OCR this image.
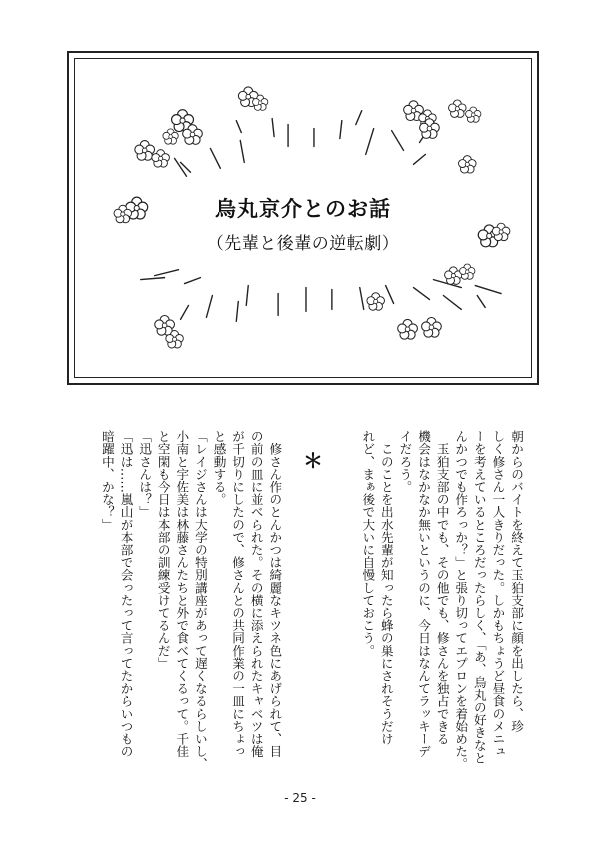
烏丸京介とのお話
（先輩と後輩の逆転劇）
朝からのバイトを終えて玉狛支部に顔を出したら、珍
しく修さん一人きりだった。しかもちょうど昼食のメニュ
ーを考えているところだったらしく、「あ、烏丸の好きなと
んかつでも作ろっか？」と張り切ってエプロンを着始めた。
　玉狛支部の中でも、その他でも、修さんを独占できる
機会はなかなか無いというのに、今日はなんてラッキーデ
イだろう。
　このことを出水先輩が知ったら蜂の巣にされそうだけ
れど、まぁ後で大いに自慢しておこう。
＊
　修さん作のとんかつは綺麗なキツネ色にあげられて、目
の前の皿に並べられた。その横に添えられたキャベツは俺
が千切りにしたので、修さんとの共同作業の一皿にちょっ
と感動する。
「レイジさんは大学の特別講座があって遅くなるらしいし、
小南と宇佐美は林藤さんたちと外で食べてくるって。千佳
と空閑も今日は本部の訓練受けてるんだ」
「迅さんは？」
「迅は……嵐山が本部で会ったって言ってたからいつもの
暗躍中、かな？」
- 25 -
